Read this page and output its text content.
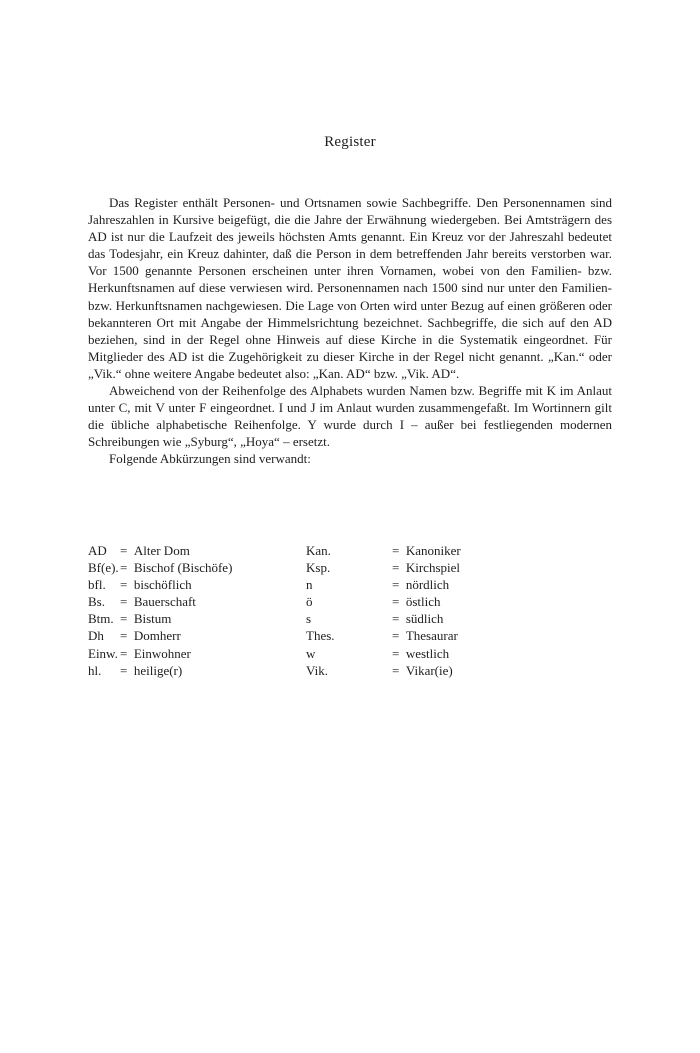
Register

Das Register enthält Personen- und Ortsnamen sowie Sachbegriffe. Den Personennamen sind Jahreszahlen in Kursive beigefügt, die die Jahre der Erwähnung wiedergeben. Bei Amtsträgern des AD ist nur die Laufzeit des jeweils höchsten Amts genannt. Ein Kreuz vor der Jahreszahl bedeutet das Todesjahr, ein Kreuz dahinter, daß die Person in dem betreffenden Jahr bereits verstorben war. Vor 1500 genannte Personen erscheinen unter ihren Vornamen, wobei von den Familien- bzw. Herkunftsnamen auf diese verwiesen wird. Personennamen nach 1500 sind nur unter den Familien- bzw. Herkunftsnamen nachgewiesen. Die Lage von Orten wird unter Bezug auf einen größeren oder bekannteren Ort mit Angabe der Himmelsrichtung bezeichnet. Sachbegriffe, die sich auf den AD beziehen, sind in der Regel ohne Hinweis auf diese Kirche in die Systematik eingeordnet. Für Mitglieder des AD ist die Zugehörigkeit zu dieser Kirche in der Regel nicht genannt. „Kan.“ oder „Vik.“ ohne weitere Angabe bedeutet also: „Kan. AD“ bzw. „Vik. AD“.

Abweichend von der Reihenfolge des Alphabets wurden Namen bzw. Begriffe mit K im Anlaut unter C, mit V unter F eingeordnet. I und J im Anlaut wurden zusammengefaßt. Im Wortinnern gilt die übliche alphabetische Reihenfolge. Y wurde durch I – außer bei festliegenden modernen Schreibungen wie „Syburg“, „Hoya“ – ersetzt.

Folgende Abkürzungen sind verwandt:

AD = Alter Dom	Kan.	= Kanoniker
Bf(e). = Bischof (Bischöfe)	Ksp.	= Kirchspiel
bfl. = bischöflich	n	= nördlich
Bs. = Bauerschaft	ö	= östlich
Btm. = Bistum	s	= südlich
Dh = Domherr	Thes.	= Thesaurar
Einw. = Einwohner	w	= westlich
hl. = heilige(r)	Vik.	= Vikar(ie)
